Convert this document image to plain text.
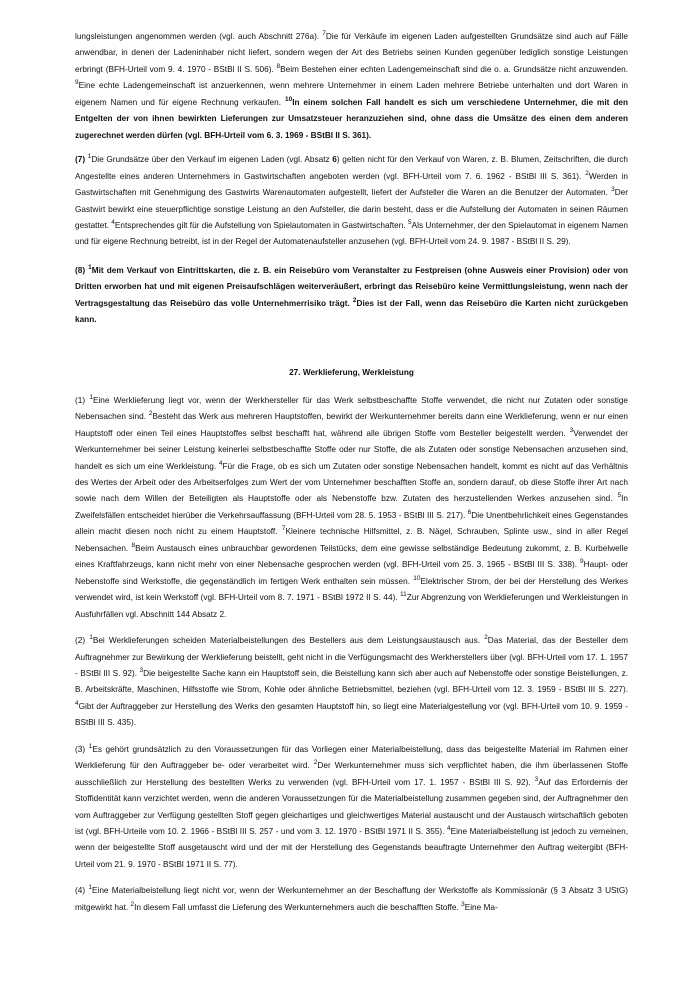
lungsleistungen angenommen werden (vgl. auch Abschnitt 276a). $^7$Die für Verkäufe im eigenen Laden aufgestellten Grundsätze sind auch auf Fälle anwendbar, in denen der Ladeninhaber nicht liefert, sondern wegen der Art des Betriebs seinen Kunden gegenüber lediglich sonstige Leistungen erbringt (BFH-Urteil vom 9. 4. 1970 - BStBl II S. 506). $^8$Beim Bestehen einer echten Ladengemeinschaft sind die o. a. Grundsätze nicht anzuwenden. $^9$Eine echte Ladengemeinschaft ist anzuerkennen, wenn mehrere Unternehmer in einem Laden mehrere Betriebe unterhalten und dort Waren in eigenem Namen und für eigene Rechnung verkaufen. $^{10}$In einem solchen Fall handelt es sich um verschiedene Unternehmer, die mit den Entgelten der von ihnen bewirkten Lieferungen zur Umsatzsteuer heranzuziehen sind, ohne dass die Umsätze des einen dem anderen zugerechnet werden dürfen (vgl. BFH-Urteil vom 6. 3. 1969 - BStBl II S. 361).

(7) $^1$Die Grundsätze über den Verkauf im eigenen Laden (vgl. Absatz 6) gelten nicht für den Verkauf von Waren, z. B. Blumen, Zeitschriften, die durch Angestellte eines anderen Unternehmers in Gastwirtschaften angeboten werden (vgl. BFH-Urteil vom 7. 6. 1962 - BStBl III S. 361). $^2$Werden in Gastwirtschaften mit Genehmigung des Gastwirts Warenautomaten aufgestellt, liefert der Aufsteller die Waren an die Benutzer der Automaten. $^3$Der Gastwirt bewirkt eine steuerpflichtige sonstige Leistung an den Aufsteller, die darin besteht, dass er die Aufstellung der Automaten in seinen Räumen gestattet. $^4$Entsprechendes gilt für die Aufstellung von Spielautomaten in Gastwirtschaften. $^5$Als Unternehmer, der den Spielautomat in eigenem Namen und für eigene Rechnung betreibt, ist in der Regel der Automatenaufsteller anzusehen (vgl. BFH-Urteil vom 24. 9. 1987 - BStBl II S. 29).

(8) $^1$Mit dem Verkauf von Eintrittskarten, die z. B. ein Reisebüro vom Veranstalter zu Festpreisen (ohne Ausweis einer Provision) oder von Dritten erworben hat und mit eigenen Preisaufschlägen weiterveräußert, erbringt das Reisebüro keine Vermittlungsleistung, wenn nach der Vertragsgestaltung das Reisebüro das volle Unternehmerrisiko trägt. $^2$Dies ist der Fall, wenn das Reisebüro die Karten nicht zurückgeben kann.

27. Werklieferung, Werkleistung

(1) $^1$Eine Werklieferung liegt vor, wenn der Werkhersteller für das Werk selbstbeschaffte Stoffe verwendet, die nicht nur Zutaten oder sonstige Nebensachen sind. $^2$Besteht das Werk aus mehreren Hauptstoffen, bewirkt der Werkunternehmer bereits dann eine Werklieferung, wenn er nur einen Hauptstoff oder einen Teil eines Hauptstoffes selbst beschafft hat, während alle übrigen Stoffe vom Besteller beigestellt werden. $^3$Verwendet der Werkunternehmer bei seiner Leistung keinerlei selbstbeschaffte Stoffe oder nur Stoffe, die als Zutaten oder sonstige Nebensachen anzusehen sind, handelt es sich um eine Werkleistung. $^4$Für die Frage, ob es sich um Zutaten oder sonstige Nebensachen handelt, kommt es nicht auf das Verhältnis des Wertes der Arbeit oder des Arbeitserfolges zum Wert der vom Unternehmer beschafften Stoffe an, sondern darauf, ob diese Stoffe ihrer Art nach sowie nach dem Willen der Beteiligten als Hauptstoffe oder als Nebenstoffe bzw. Zutaten des herzustellenden Werkes anzusehen sind. $^5$In Zweifelsfällen entscheidet hierüber die Verkehrsauffassung (BFH-Urteil vom 28. 5. 1953 - BStBl III S. 217). $^6$Die Unentbehrlichkeit eines Gegenstandes allein macht diesen noch nicht zu einem Hauptstoff. $^7$Kleinere technische Hilfsmittel, z. B. Nägel, Schrauben, Splinte usw., sind in aller Regel Nebensachen. $^8$Beim Austausch eines unbrauchbar gewordenen Teilstücks, dem eine gewisse selbständige Bedeutung zukommt, z. B. Kurbelwelle eines Kraftfahrzeugs, kann nicht mehr von einer Nebensache gesprochen werden (vgl. BFH-Urteil vom 25. 3. 1965 - BStBl III S. 338). $^9$Haupt- oder Nebenstoffe sind Werkstoffe, die gegenständlich im fertigen Werk enthalten sein müssen. $^{10}$Elektrischer Strom, der bei der Herstellung des Werkes verwendet wird, ist kein Werkstoff (vgl. BFH-Urteil vom 8. 7. 1971 - BStBl 1972 II S. 44). $^{11}$Zur Abgrenzung von Werklieferungen und Werkleistungen in Ausfuhrfällen vgl. Abschnitt 144 Absatz 2.

(2) $^1$Bei Werklieferungen scheiden Materialbeistellungen des Bestellers aus dem Leistungsaustausch aus. $^2$Das Material, das der Besteller dem Auftragnehmer zur Bewirkung der Werklieferung beistellt, geht nicht in die Verfügungsmacht des Werkherstellers über (vgl. BFH-Urteil vom 17. 1. 1957 - BStBl III S. 92). $^3$Die beigestellte Sache kann ein Hauptstoff sein, die Beistellung kann sich aber auch auf Nebenstoffe oder sonstige Beistellungen, z. B. Arbeitskräfte, Maschinen, Hilfsstoffe wie Strom, Kohle oder ähnliche Betriebsmittel, beziehen (vgl. BFH-Urteil vom 12. 3. 1959 - BStBl III S. 227). $^4$Gibt der Auftraggeber zur Herstellung des Werks den gesamten Hauptstoff hin, so liegt eine Materialgestellung vor (vgl. BFH-Urteil vom 10. 9. 1959 - BStBl III S. 435).

(3) $^1$Es gehört grundsätzlich zu den Voraussetzungen für das Vorliegen einer Materialbeistellung, dass das beigestellte Material im Rahmen einer Werklieferung für den Auftraggeber be- oder verarbeitet wird. $^2$Der Werkunternehmer muss sich verpflichtet haben, die ihm überlassenen Stoffe ausschließlich zur Herstellung des bestellten Werks zu verwenden (vgl. BFH-Urteil vom 17. 1. 1957 - BStBl III S. 92). $^3$Auf das Erfordernis der Stoffidentität kann verzichtet werden, wenn die anderen Voraussetzungen für die Materialbeistellung zusammen gegeben sind, der Auftragnehmer den vom Auftraggeber zur Verfügung gestellten Stoff gegen gleichartiges und gleichwertiges Material austauscht und der Austausch wirtschaftlich geboten ist (vgl. BFH-Urteile vom 10. 2. 1966 - BStBl III S. 257 - und vom 3. 12. 1970 - BStBl 1971 II S. 355). $^4$Eine Materialbeistellung ist jedoch zu verneinen, wenn der beigestellte Stoff ausgetauscht wird und der mit der Herstellung des Gegenstands beauftragte Unternehmer den Auftrag weitergibt (BFH-Urteil vom 21. 9. 1970 - BStBl 1971 II S. 77).

(4) $^1$Eine Materialbeistellung liegt nicht vor, wenn der Werkunternehmer an der Beschaffung der Werkstoffe als Kommissionär (§ 3 Absatz 3 UStG) mitgewirkt hat. $^2$In diesem Fall umfasst die Lieferung des Werkunternehmers auch die beschafften Stoffe. $^3$Eine Ma-
